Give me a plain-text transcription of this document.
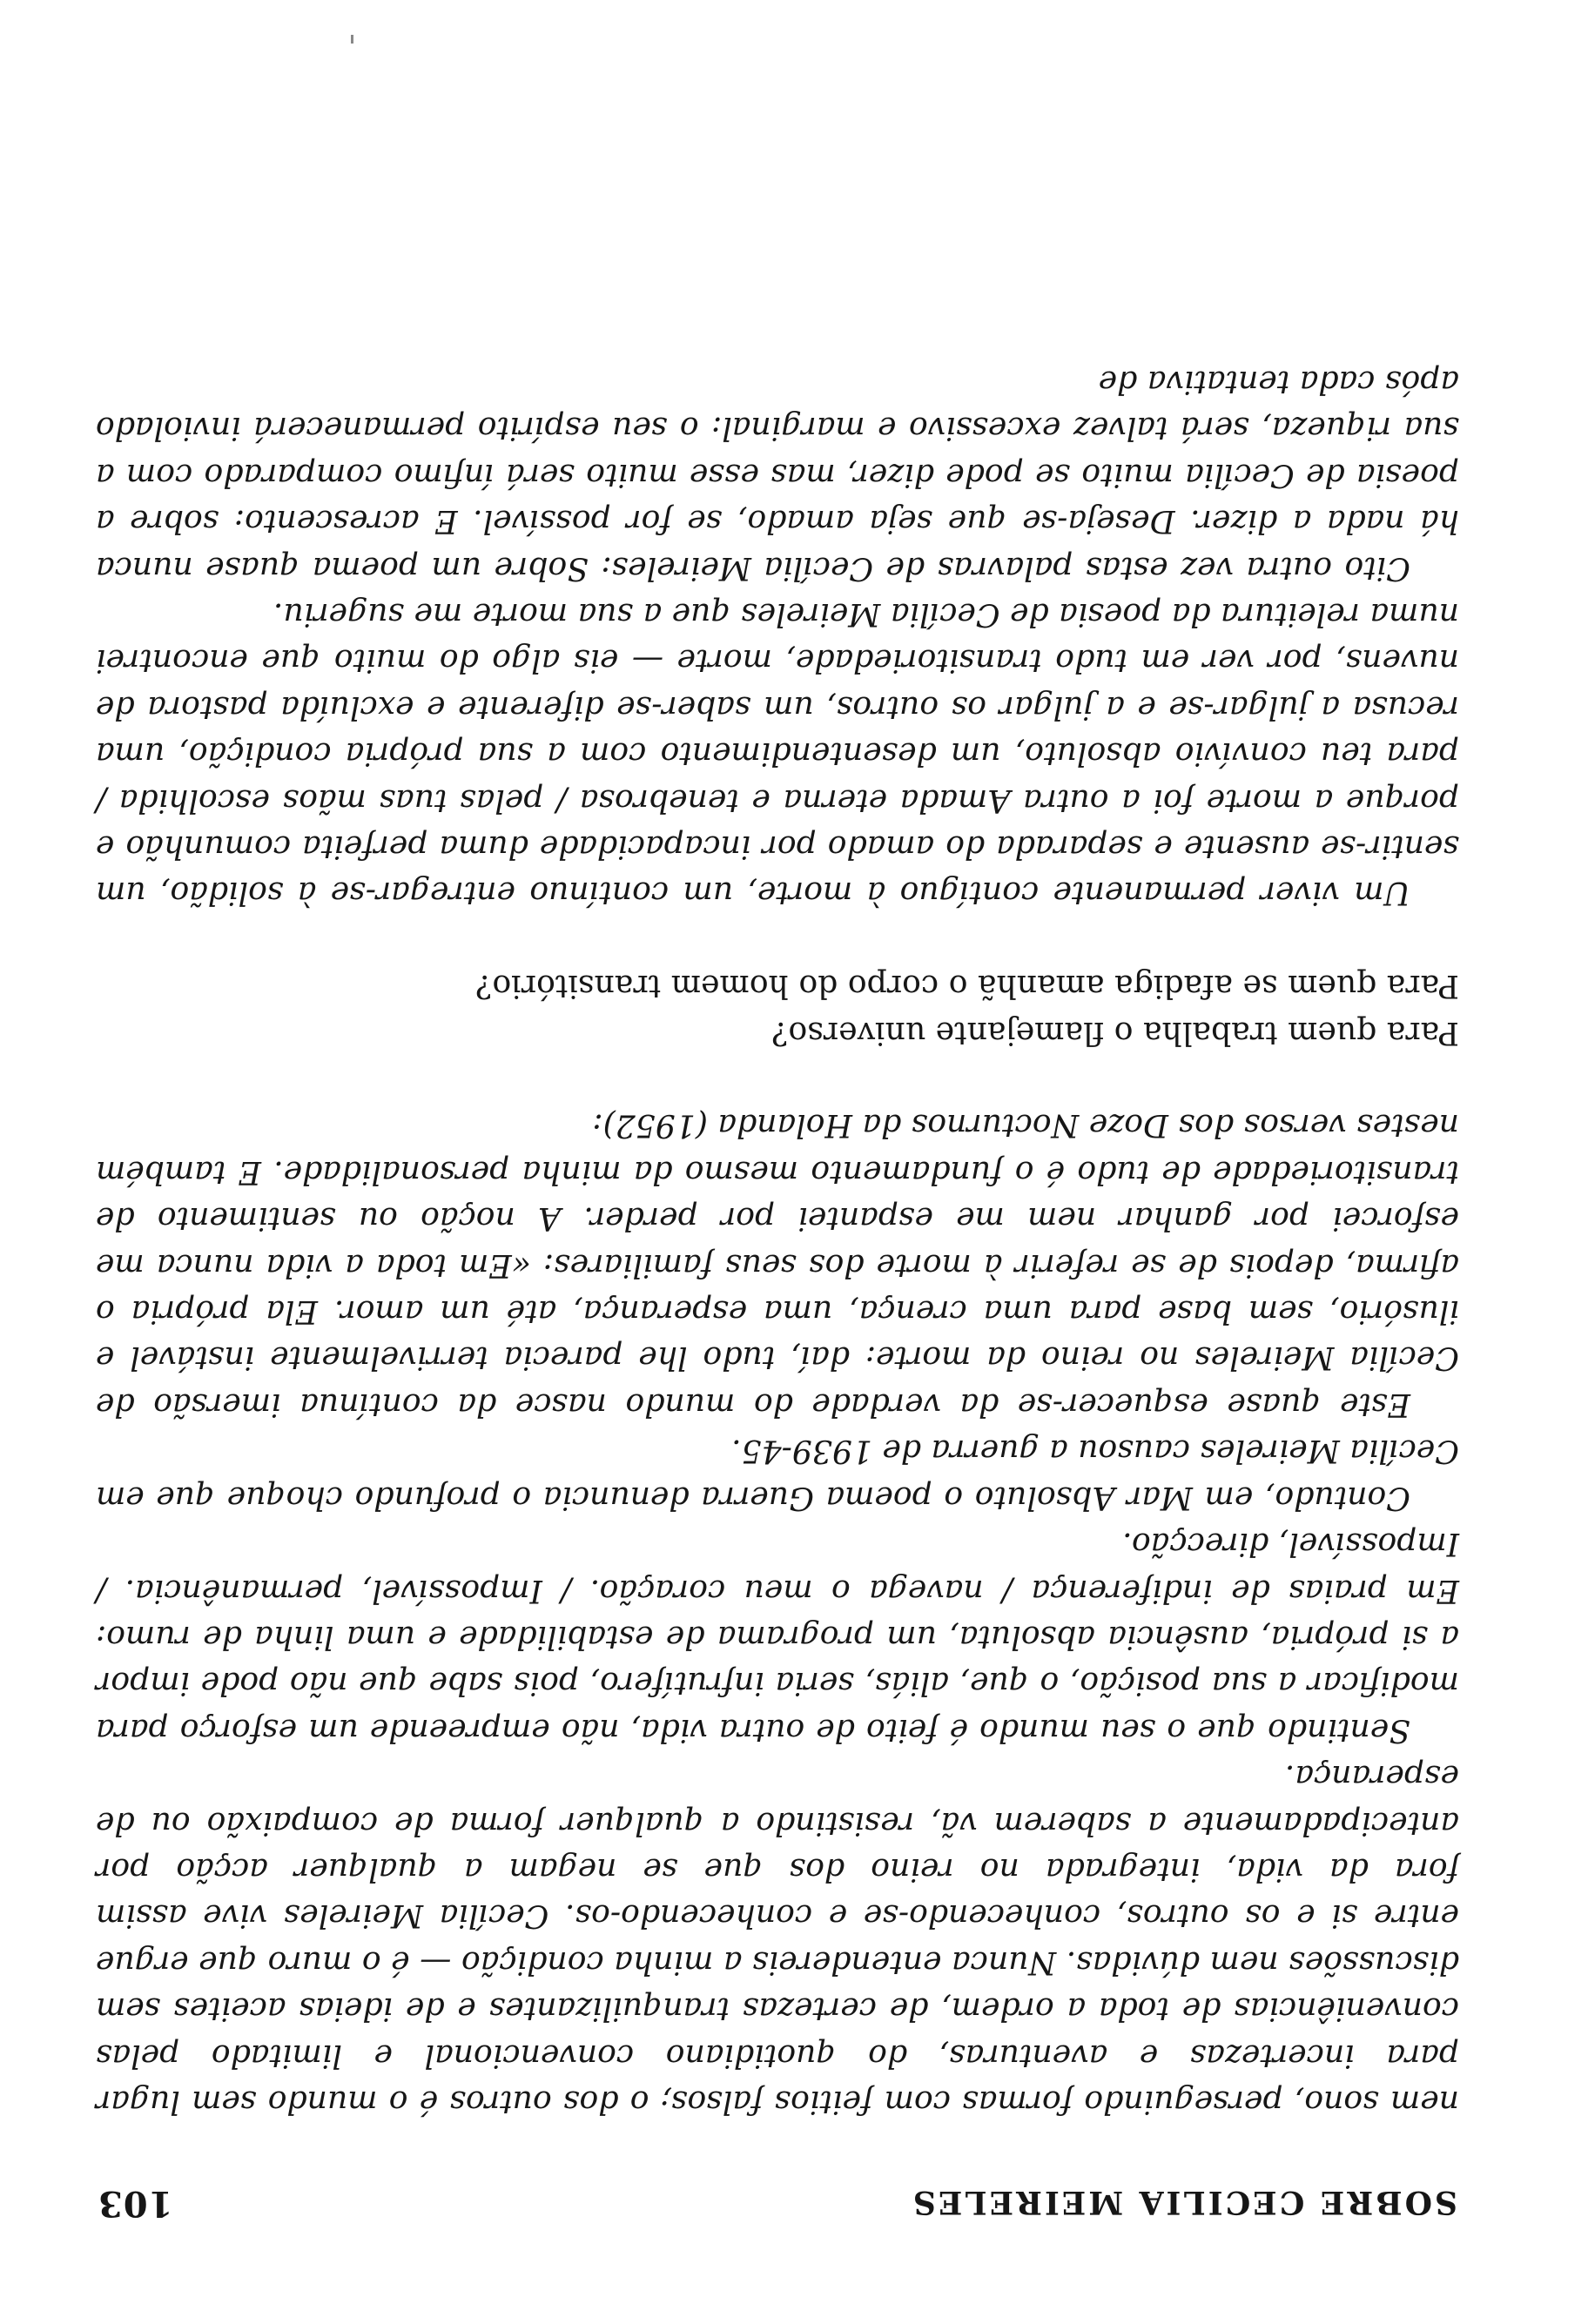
SOBRE CECILIA MEIRELES
103

nem sono, perseguindo formas com feitios falsos; o dos outros é o mundo sem lugar para incertezas e aventuras, do quotidiano convencional e limitado pelas conveniências de toda a ordem, de certezas tranquilizantes e de ideias aceites sem discussões nem dúvidas. Nunca entendereis a minha condição — é o muro que ergue entre si e os outros, conhecendo-se e conhecendo-os. Cecília Meireles vive assim fora da vida, integrada no reino dos que se negam a qualquer acção por antecipadamente a saberem vã, resistindo a qualquer forma de compaixão ou de esperança.

Sentindo que o seu mundo é feito de outra vida, não empreende um esforço para modificar a sua posição, o que, aliás, seria infrutífero, pois sabe que não pode impor a si própria, ausência absoluta, um programa de estabilidade e uma linha de rumo: Em praias de indiferença / navega o meu coração. / Impossível, permanência. / Impossível, direcção.

Contudo, em Mar Absoluto o poema Guerra denuncia o profundo choque que em Cecília Meireles causou a guerra de 1939-45.

Este quase esquecer-se da verdade do mundo nasce da contínua imersão de Cecília Meireles no reino da morte: daí, tudo lhe parecia terrivelmente instável e ilusório, sem base para uma crença, uma esperança, até um amor. Ela própria o afirma, depois de se referir à morte dos seus familiares: «Em toda a vida nunca me esforcei por ganhar nem me espantei por perder. A noção ou sentimento de transitoriedade de tudo é o fundamento mesmo da minha personalidade. E também nestes versos dos Doze Nocturnos da Holanda (1952):

Para quem trabalha o flamejante universo?

Para quem se afadiga amanhã o corpo do homem transitório?

Um viver permanente contíguo à morte, um contínuo entregar-se à solidão, um sentir-se ausente e separada do amado por incapacidade duma perfeita comunhão e porque a morte foi a outra Amada eterna e tenebrosa / pelas tuas mãos escolhida / para teu convívio absoluto, um desentendimento com a sua própria condição, uma recusa a julgar-se e a julgar os outros, um saber-se diferente e excluída pastora de nuvens, por ver em tudo transitoriedade, morte — eis algo do muito que encontrei numa releitura da poesia de Cecília Meireles que a sua morte me sugeriu.

Cito outra vez estas palavras de Cecília Meireles: Sobre um poema quase nunca há nada a dizer. Deseja-se que seja amado, se for possível. E acrescento: sobre a poesia de Cecília muito se pode dizer, mas esse muito será ínfimo comparado com a sua riqueza, será talvez excessivo e marginal: o seu espírito permanecerá inviolado após cada tentativa de
